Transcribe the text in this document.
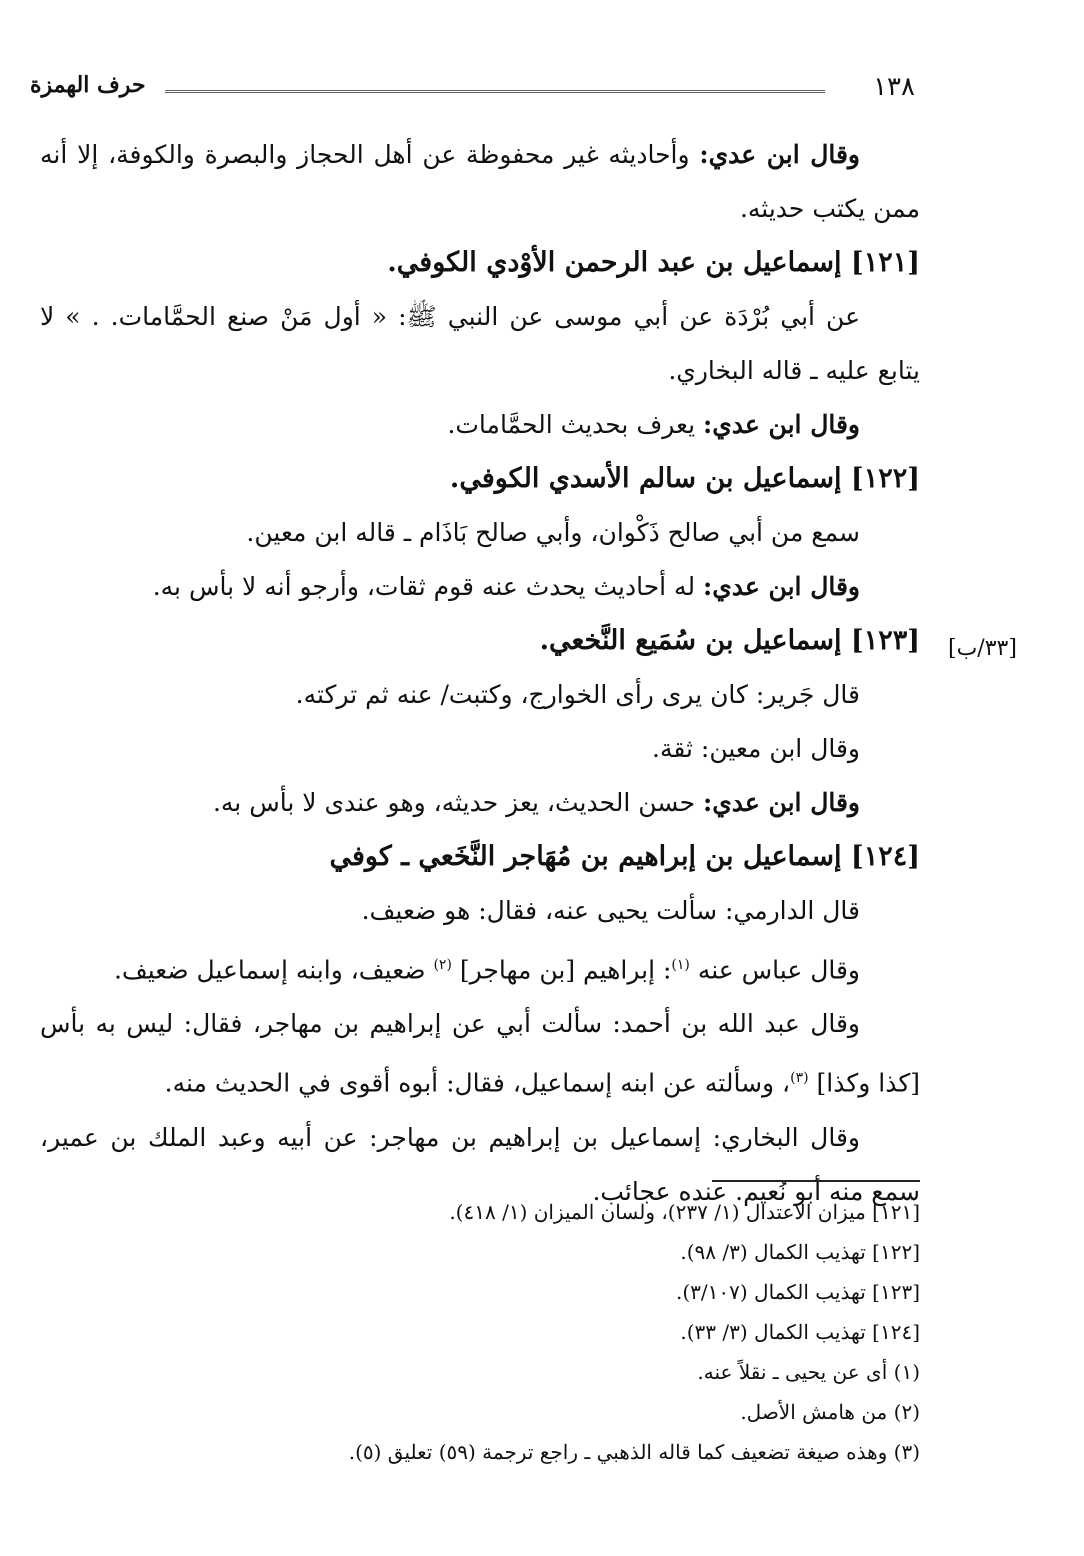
١٣٨
حرف الهمزة
[٣٣/ب]

وقال ابن عدي: وأحاديثه غير محفوظة عن أهل الحجاز والبصرة والكوفة، إلا أنه ممن يكتب حديثه.

[١٢١] إسماعيل بن عبد الرحمن الأوْدي الكوفي.

عن أبي بُرْدَة عن أبي موسى عن النبي ﷺ: « أول مَنْ صنع الحمَّامات. . » لا يتابع عليه ـ قاله البخاري.

وقال ابن عدي: يعرف بحديث الحمَّامات.

[١٢٢] إسماعيل بن سالم الأسدي الكوفي.

سمع من أبي صالح ذَكْوان، وأبي صالح بَاذَام ـ قاله ابن معين.

وقال ابن عدي: له أحاديث يحدث عنه قوم ثقات، وأرجو أنه لا بأس به.

[١٢٣] إسماعيل بن سُمَيع النَّخعي.

قال جَرير: كان يرى رأى الخوارج، وكتبت/ عنه ثم تركته.

وقال ابن معين: ثقة.

وقال ابن عدي: حسن الحديث، يعز حديثه، وهو عندى لا بأس به.

[١٢٤] إسماعيل بن إبراهيم بن مُهَاجر النَّخَعي ـ كوفي

قال الدارمي: سألت يحيى عنه، فقال: هو ضعيف.

وقال عباس عنه $^{(١)}$: إبراهيم [بن مهاجر] $^{(٢)}$ ضعيف، وابنه إسماعيل ضعيف.

وقال عبد الله بن أحمد: سألت أبي عن إبراهيم بن مهاجر، فقال: ليس به بأس [كذا وكذا] $^{(٣)}$، وسألته عن ابنه إسماعيل، فقال: أبوه أقوى في الحديث منه.

وقال البخاري: إسماعيل بن إبراهيم بن مهاجر: عن أبيه وعبد الملك بن عمير، سمع منه أبو نُعيم. عنده عجائب.

[١٢١] ميزان الاعتدال (١/ ٢٣٧)، ولسان الميزان (١/ ٤١٨).

[١٢٢] تهذيب الكمال (٣/ ٩٨).

[١٢٣] تهذيب الكمال (٣/١٠٧).

[١٢٤] تهذيب الكمال (٣/ ٣٣).

(١) أى عن يحيى ـ نقلاً عنه.

(٢) من هامش الأصل.

(٣) وهذه صيغة تضعيف كما قاله الذهبي ـ راجع ترجمة (٥٩) تعليق (٥).
